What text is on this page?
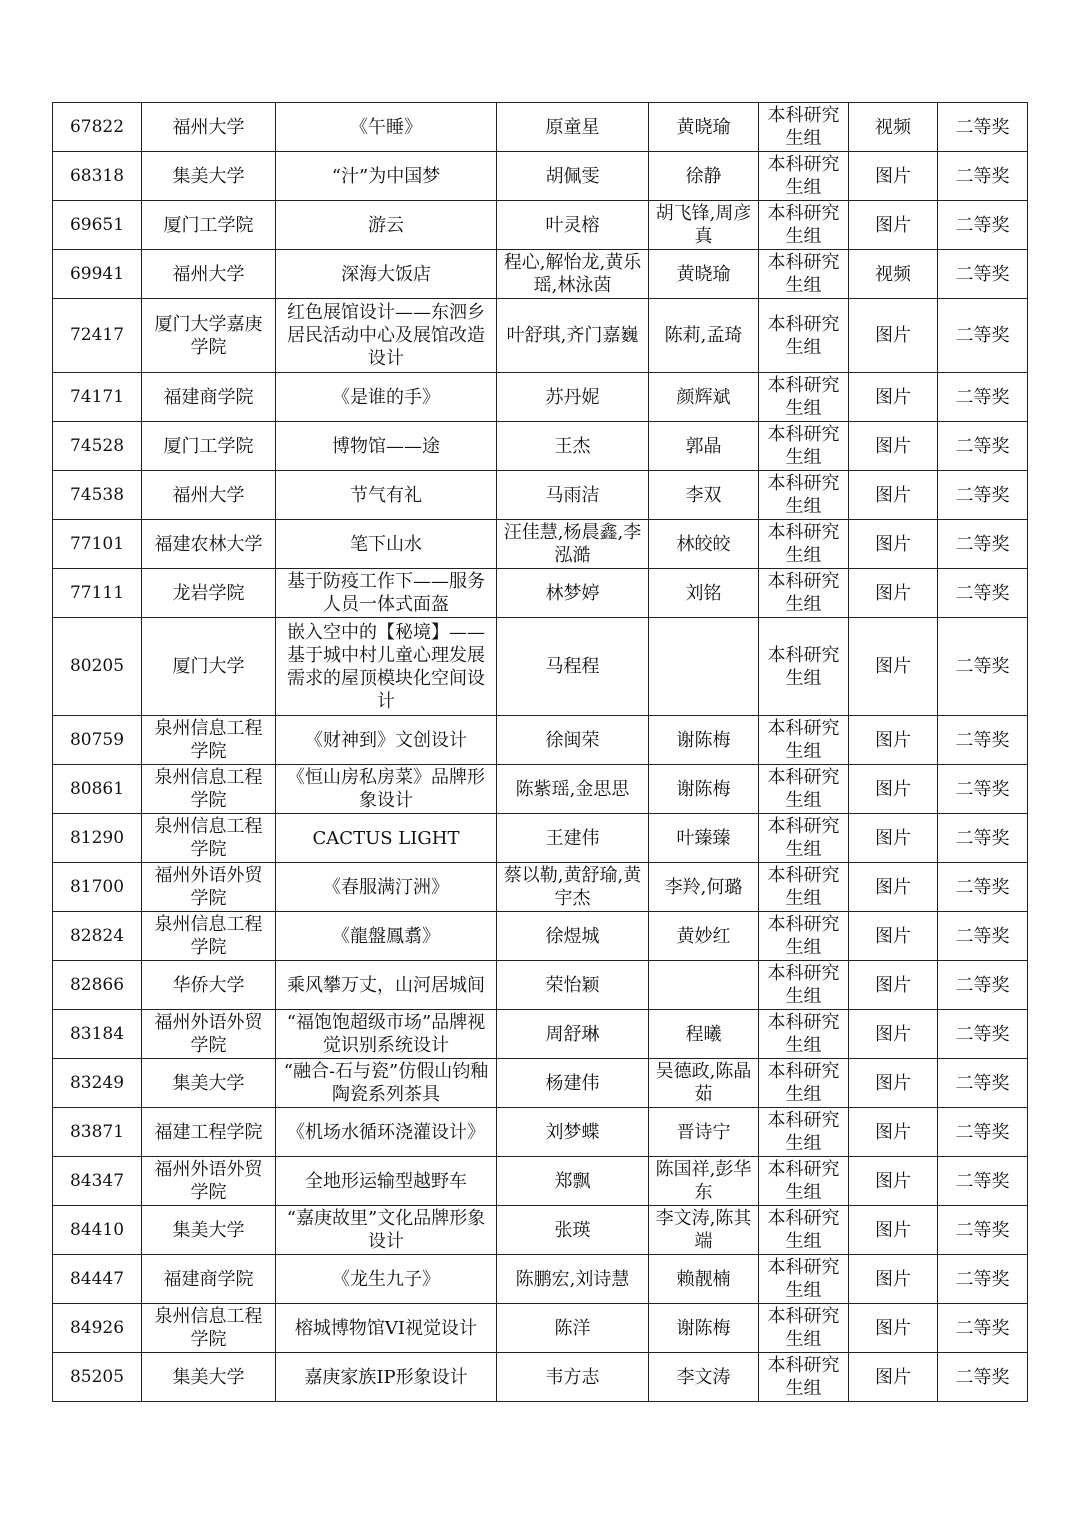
67822	福州大学	《午睡》	原童星	黄晓瑜	本科研究生组	视频	二等奖
68318	集美大学	“汁”为中国梦	胡佩雯	徐静	本科研究生组	图片	二等奖
69651	厦门工学院	游云	叶灵榕	胡飞锋,周彦真	本科研究生组	图片	二等奖
69941	福州大学	深海大饭店	程心,解怡龙,黄乐瑶,林泳茵	黄晓瑜	本科研究生组	视频	二等奖
72417	厦门大学嘉庚学院	红色展馆设计——东泗乡居民活动中心及展馆改造设计	叶舒琪,齐门嘉巍	陈莉,孟琦	本科研究生组	图片	二等奖
74171	福建商学院	《是谁的手》	苏丹妮	颜辉斌	本科研究生组	图片	二等奖
74528	厦门工学院	博物馆——途	王杰	郭晶	本科研究生组	图片	二等奖
74538	福州大学	节气有礼	马雨洁	李双	本科研究生组	图片	二等奖
77101	福建农林大学	笔下山水	汪佳慧,杨晨鑫,李泓澔	林皎皎	本科研究生组	图片	二等奖
77111	龙岩学院	基于防疫工作下——服务人员一体式面盔	林梦婷	刘铭	本科研究生组	图片	二等奖
80205	厦门大学	嵌入空中的【秘境】——基于城中村儿童心理发展需求的屋顶模块化空间设计	马程程		本科研究生组	图片	二等奖
80759	泉州信息工程学院	《财神到》文创设计	徐闽荣	谢陈梅	本科研究生组	图片	二等奖
80861	泉州信息工程学院	《恒山房私房菜》品牌形象设计	陈紫瑶,金思思	谢陈梅	本科研究生组	图片	二等奖
81290	泉州信息工程学院	CACTUS LIGHT	王建伟	叶臻臻	本科研究生组	图片	二等奖
81700	福州外语外贸学院	《春服满汀洲》	蔡以勒,黄舒瑜,黄宇杰	李羚,何璐	本科研究生组	图片	二等奖
82824	泉州信息工程学院	《龍盤鳳翥》	徐煜城	黄妙红	本科研究生组	图片	二等奖
82866	华侨大学	乘风攀万丈，山河居城间	荣怡颖		本科研究生组	图片	二等奖
83184	福州外语外贸学院	“福饱饱超级市场”品牌视觉识别系统设计	周舒琳	程曦	本科研究生组	图片	二等奖
83249	集美大学	“融合-石与瓷”仿假山钧釉陶瓷系列茶具	杨建伟	吴德政,陈晶茹	本科研究生组	图片	二等奖
83871	福建工程学院	《机场水循环浇灌设计》	刘梦蝶	晋诗宁	本科研究生组	图片	二等奖
84347	福州外语外贸学院	全地形运输型越野车	郑飘	陈国祥,彭华东	本科研究生组	图片	二等奖
84410	集美大学	“嘉庚故里”文化品牌形象设计	张瑛	李文涛,陈其端	本科研究生组	图片	二等奖
84447	福建商学院	《龙生九子》	陈鹏宏,刘诗慧	赖靓楠	本科研究生组	图片	二等奖
84926	泉州信息工程学院	榕城博物馆VI视觉设计	陈洋	谢陈梅	本科研究生组	图片	二等奖
85205	集美大学	嘉庚家族IP形象设计	韦方志	李文涛	本科研究生组	图片	二等奖
